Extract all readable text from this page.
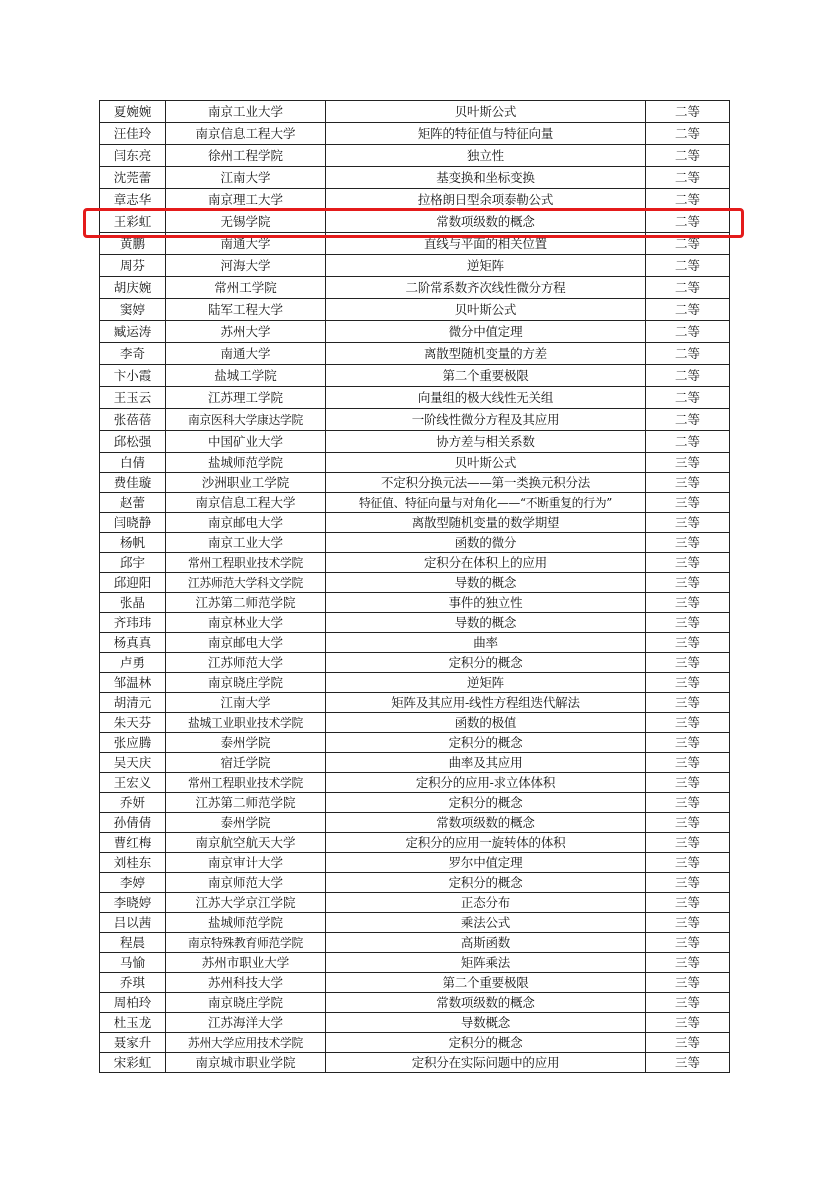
夏婉婉	南京工业大学	贝叶斯公式	二等
汪佳玲	南京信息工程大学	矩阵的特征值与特征向量	二等
闫东亮	徐州工程学院	独立性	二等
沈莞蕾	江南大学	基变换和坐标变换	二等
章志华	南京理工大学	拉格朗日型余项泰勒公式	二等
王彩虹	无锡学院	常数项级数的概念	二等
黄鹏	南通大学	直线与平面的相关位置	二等
周芬	河海大学	逆矩阵	二等
胡庆婉	常州工学院	二阶常系数齐次线性微分方程	二等
窦婷	陆军工程大学	贝叶斯公式	二等
臧运涛	苏州大学	微分中值定理	二等
李奇	南通大学	离散型随机变量的方差	二等
卞小霞	盐城工学院	第二个重要极限	二等
王玉云	江苏理工学院	向量组的极大线性无关组	二等
张蓓蓓	南京医科大学康达学院	一阶线性微分方程及其应用	二等
邱松强	中国矿业大学	协方差与相关系数	二等
白倩	盐城师范学院	贝叶斯公式	三等
费佳璇	沙洲职业工学院	不定积分换元法——第一类换元积分法	三等
赵蕾	南京信息工程大学	特征值、特征向量与对角化——“不断重复的行为”	三等
闫晓静	南京邮电大学	离散型随机变量的数学期望	三等
杨帆	南京工业大学	函数的微分	三等
邱宇	常州工程职业技术学院	定积分在体积上的应用	三等
邱迎阳	江苏师范大学科文学院	导数的概念	三等
张晶	江苏第二师范学院	事件的独立性	三等
齐玮玮	南京林业大学	导数的概念	三等
杨真真	南京邮电大学	曲率	三等
卢勇	江苏师范大学	定积分的概念	三等
邹温林	南京晓庄学院	逆矩阵	三等
胡清元	江南大学	矩阵及其应用-线性方程组迭代解法	三等
朱天芬	盐城工业职业技术学院	函数的极值	三等
张应腾	泰州学院	定积分的概念	三等
吴天庆	宿迁学院	曲率及其应用	三等
王宏义	常州工程职业技术学院	定积分的应用-求立体体积	三等
乔妍	江苏第二师范学院	定积分的概念	三等
孙倩倩	泰州学院	常数项级数的概念	三等
曹红梅	南京航空航天大学	定积分的应用一旋转体的体积	三等
刘桂东	南京审计大学	罗尔中值定理	三等
李婷	南京师范大学	定积分的概念	三等
李晓婷	江苏大学京江学院	正态分布	三等
吕以茜	盐城师范学院	乘法公式	三等
程晨	南京特殊教育师范学院	高斯函数	三等
马愉	苏州市职业大学	矩阵乘法	三等
乔琪	苏州科技大学	第二个重要极限	三等
周柏玲	南京晓庄学院	常数项级数的概念	三等
杜玉龙	江苏海洋大学	导数概念	三等
聂家升	苏州大学应用技术学院	定积分的概念	三等
宋彩虹	南京城市职业学院	定积分在实际问题中的应用	三等
